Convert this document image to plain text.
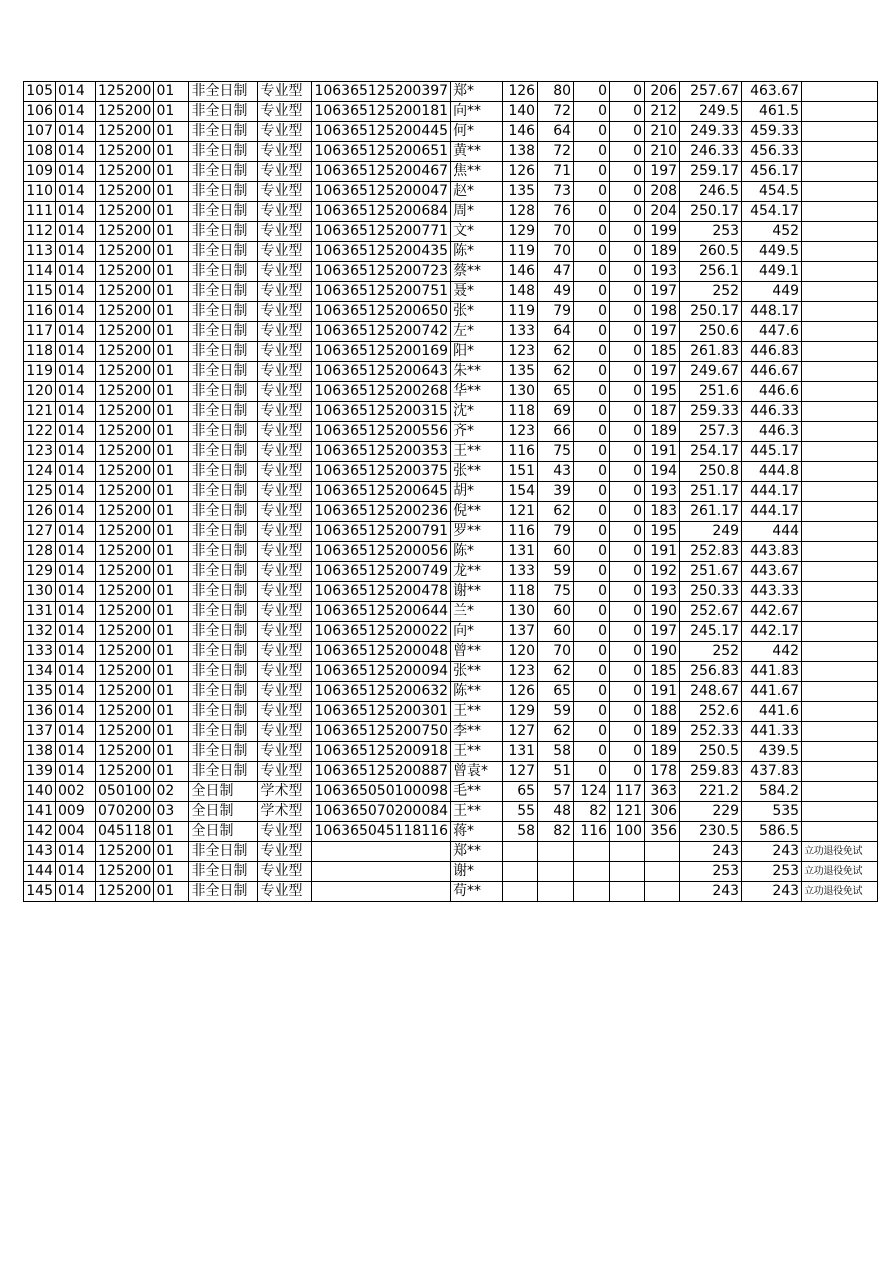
105	014	125200	01	非全日制	专业型	106365125200397	郑*	126	80	0	0	206	257.67	463.67	
106	014	125200	01	非全日制	专业型	106365125200181	向**	140	72	0	0	212	249.5	461.5	
107	014	125200	01	非全日制	专业型	106365125200445	何*	146	64	0	0	210	249.33	459.33	
108	014	125200	01	非全日制	专业型	106365125200651	黄**	138	72	0	0	210	246.33	456.33	
109	014	125200	01	非全日制	专业型	106365125200467	焦**	126	71	0	0	197	259.17	456.17	
110	014	125200	01	非全日制	专业型	106365125200047	赵*	135	73	0	0	208	246.5	454.5	
111	014	125200	01	非全日制	专业型	106365125200684	周*	128	76	0	0	204	250.17	454.17	
112	014	125200	01	非全日制	专业型	106365125200771	文*	129	70	0	0	199	253	452	
113	014	125200	01	非全日制	专业型	106365125200435	陈*	119	70	0	0	189	260.5	449.5	
114	014	125200	01	非全日制	专业型	106365125200723	蔡**	146	47	0	0	193	256.1	449.1	
115	014	125200	01	非全日制	专业型	106365125200751	聂*	148	49	0	0	197	252	449	
116	014	125200	01	非全日制	专业型	106365125200650	张*	119	79	0	0	198	250.17	448.17	
117	014	125200	01	非全日制	专业型	106365125200742	左*	133	64	0	0	197	250.6	447.6	
118	014	125200	01	非全日制	专业型	106365125200169	阳*	123	62	0	0	185	261.83	446.83	
119	014	125200	01	非全日制	专业型	106365125200643	朱**	135	62	0	0	197	249.67	446.67	
120	014	125200	01	非全日制	专业型	106365125200268	华**	130	65	0	0	195	251.6	446.6	
121	014	125200	01	非全日制	专业型	106365125200315	沈*	118	69	0	0	187	259.33	446.33	
122	014	125200	01	非全日制	专业型	106365125200556	齐*	123	66	0	0	189	257.3	446.3	
123	014	125200	01	非全日制	专业型	106365125200353	王**	116	75	0	0	191	254.17	445.17	
124	014	125200	01	非全日制	专业型	106365125200375	张**	151	43	0	0	194	250.8	444.8	
125	014	125200	01	非全日制	专业型	106365125200645	胡*	154	39	0	0	193	251.17	444.17	
126	014	125200	01	非全日制	专业型	106365125200236	倪**	121	62	0	0	183	261.17	444.17	
127	014	125200	01	非全日制	专业型	106365125200791	罗**	116	79	0	0	195	249	444	
128	014	125200	01	非全日制	专业型	106365125200056	陈*	131	60	0	0	191	252.83	443.83	
129	014	125200	01	非全日制	专业型	106365125200749	龙**	133	59	0	0	192	251.67	443.67	
130	014	125200	01	非全日制	专业型	106365125200478	谢**	118	75	0	0	193	250.33	443.33	
131	014	125200	01	非全日制	专业型	106365125200644	兰*	130	60	0	0	190	252.67	442.67	
132	014	125200	01	非全日制	专业型	106365125200022	向*	137	60	0	0	197	245.17	442.17	
133	014	125200	01	非全日制	专业型	106365125200048	曾**	120	70	0	0	190	252	442	
134	014	125200	01	非全日制	专业型	106365125200094	张**	123	62	0	0	185	256.83	441.83	
135	014	125200	01	非全日制	专业型	106365125200632	陈**	126	65	0	0	191	248.67	441.67	
136	014	125200	01	非全日制	专业型	106365125200301	王**	129	59	0	0	188	252.6	441.6	
137	014	125200	01	非全日制	专业型	106365125200750	李**	127	62	0	0	189	252.33	441.33	
138	014	125200	01	非全日制	专业型	106365125200918	王**	131	58	0	0	189	250.5	439.5	
139	014	125200	01	非全日制	专业型	106365125200887	曾袁*	127	51	0	0	178	259.83	437.83	
140	002	050100	02	全日制	学术型	106365050100098	毛**	65	57	124	117	363	221.2	584.2	
141	009	070200	03	全日制	学术型	106365070200084	王**	55	48	82	121	306	229	535	
142	004	045118	01	全日制	专业型	106365045118116	蒋*	58	82	116	100	356	230.5	586.5	
143	014	125200	01	非全日制	专业型		郑**						243	243	立功退役免试
144	014	125200	01	非全日制	专业型		谢*						253	253	立功退役免试
145	014	125200	01	非全日制	专业型		苟**						243	243	立功退役免试
